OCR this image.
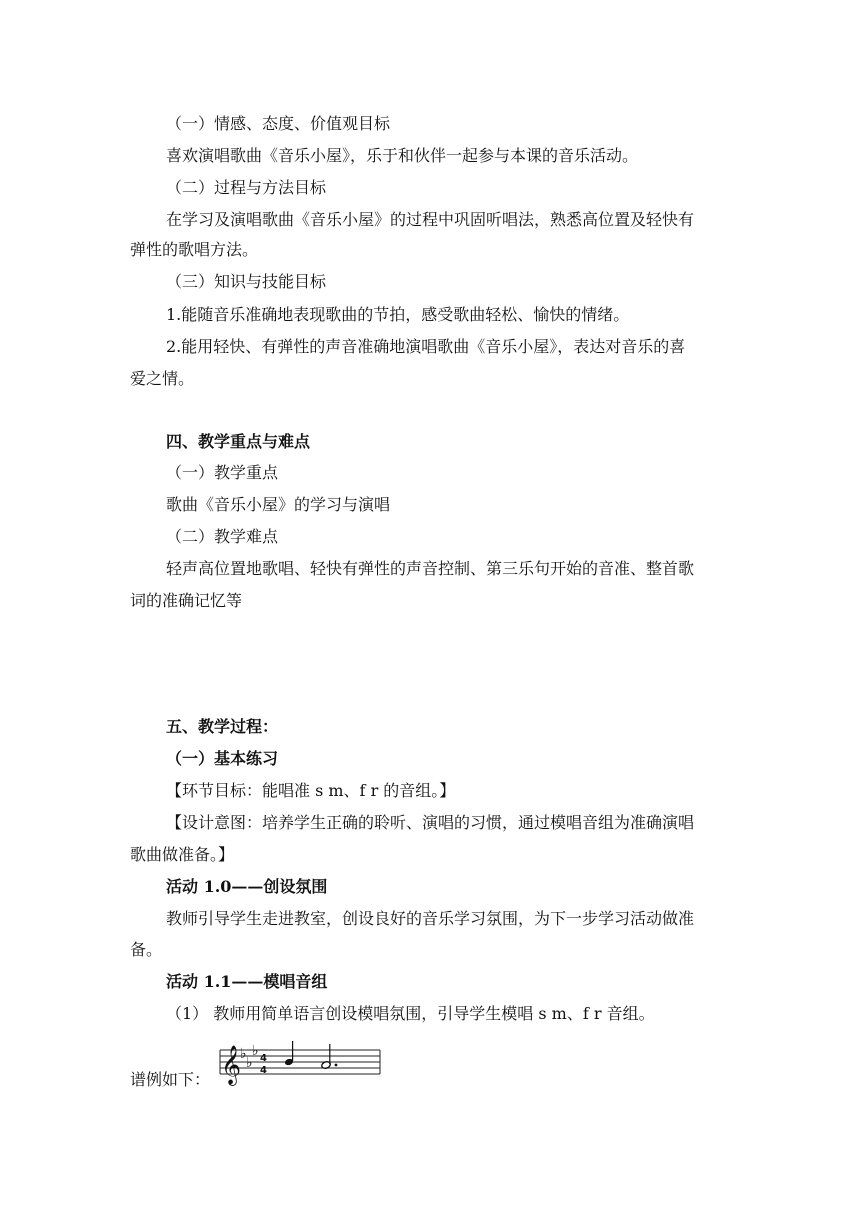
（一）情感、态度、价值观目标
喜欢演唱歌曲《音乐小屋》，乐于和伙伴一起参与本课的音乐活动。
（二）过程与方法目标
在学习及演唱歌曲《音乐小屋》的过程中巩固听唱法，熟悉高位置及轻快有
弹性的歌唱方法。
（三）知识与技能目标
1.能随音乐准确地表现歌曲的节拍，感受歌曲轻松、愉快的情绪。
2.能用轻快、有弹性的声音准确地演唱歌曲《音乐小屋》，表达对音乐的喜
爱之情。
四、教学重点与难点
（一）教学重点
歌曲《音乐小屋》的学习与演唱
（二）教学难点
轻声高位置地歌唱、轻快有弹性的声音控制、第三乐句开始的音准、整首歌
词的准确记忆等
五、教学过程：
（一）基本练习
【环节目标：能唱准 s m、f r 的音组。】
【设计意图：培养学生正确的聆听、演唱的习惯，通过模唱音组为准确演唱
歌曲做准备。】
活动 1.0——创设氛围
教师引导学生走进教室，创设良好的音乐学习氛围，为下一步学习活动做准
备。
活动 1.1——模唱音组
（1） 教师用简单语言创设模唱氛围，引导学生模唱 s m、f r 音组。
谱例如下： 𝄞
♭
♭
♭ 4
4
